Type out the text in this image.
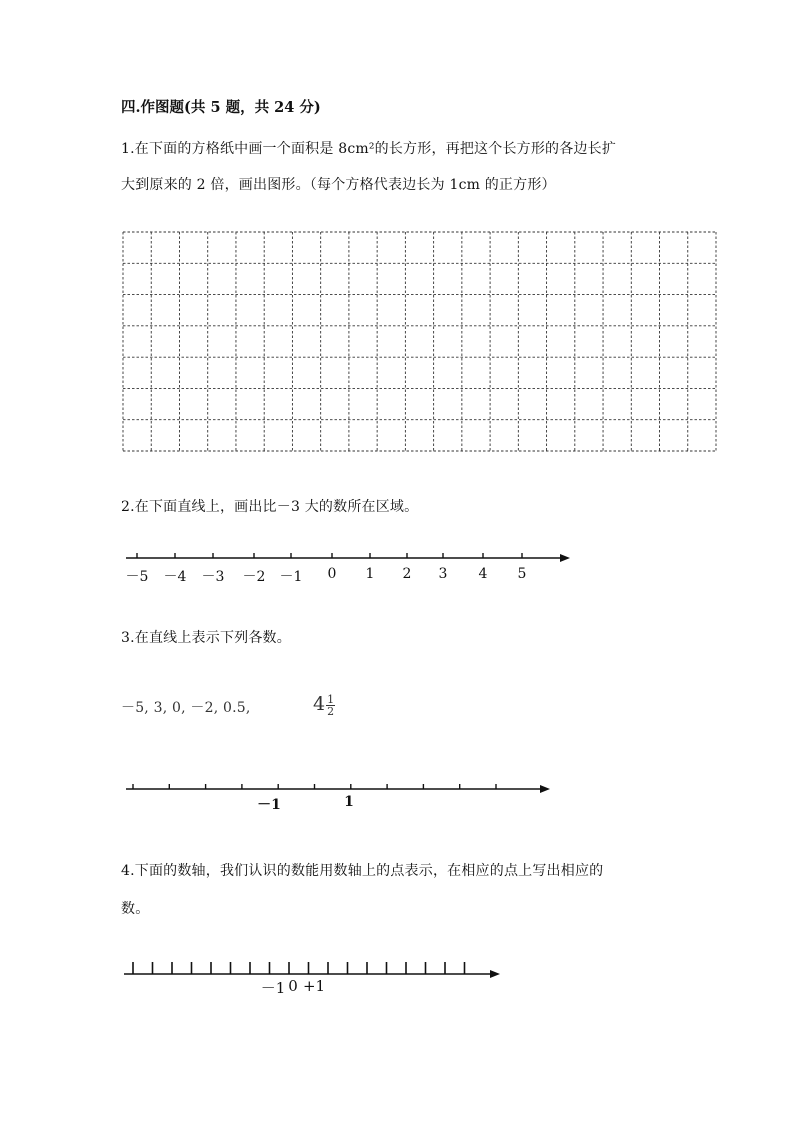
四.作图题(共 5 题，共 24 分)
1.在下面的方格纸中画一个面积是 8cm²的长方形，再把这个长方形的各边长扩
大到原来的 2 倍，画出图形。（每个方格代表边长为 1cm 的正方形）
2.在下面直线上，画出比－3 大的数所在区域。
－5 －4 －3 －2 －1 0 1 2 3 4 5
3.在直线上表示下列各数。
－5, 3, 0, －2, 0.5,	$4 \frac{1}{2}$
－1	1
4.下面的数轴，我们认识的数能用数轴上的点表示，在相应的点上写出相应的
数。
－1 0 +1
